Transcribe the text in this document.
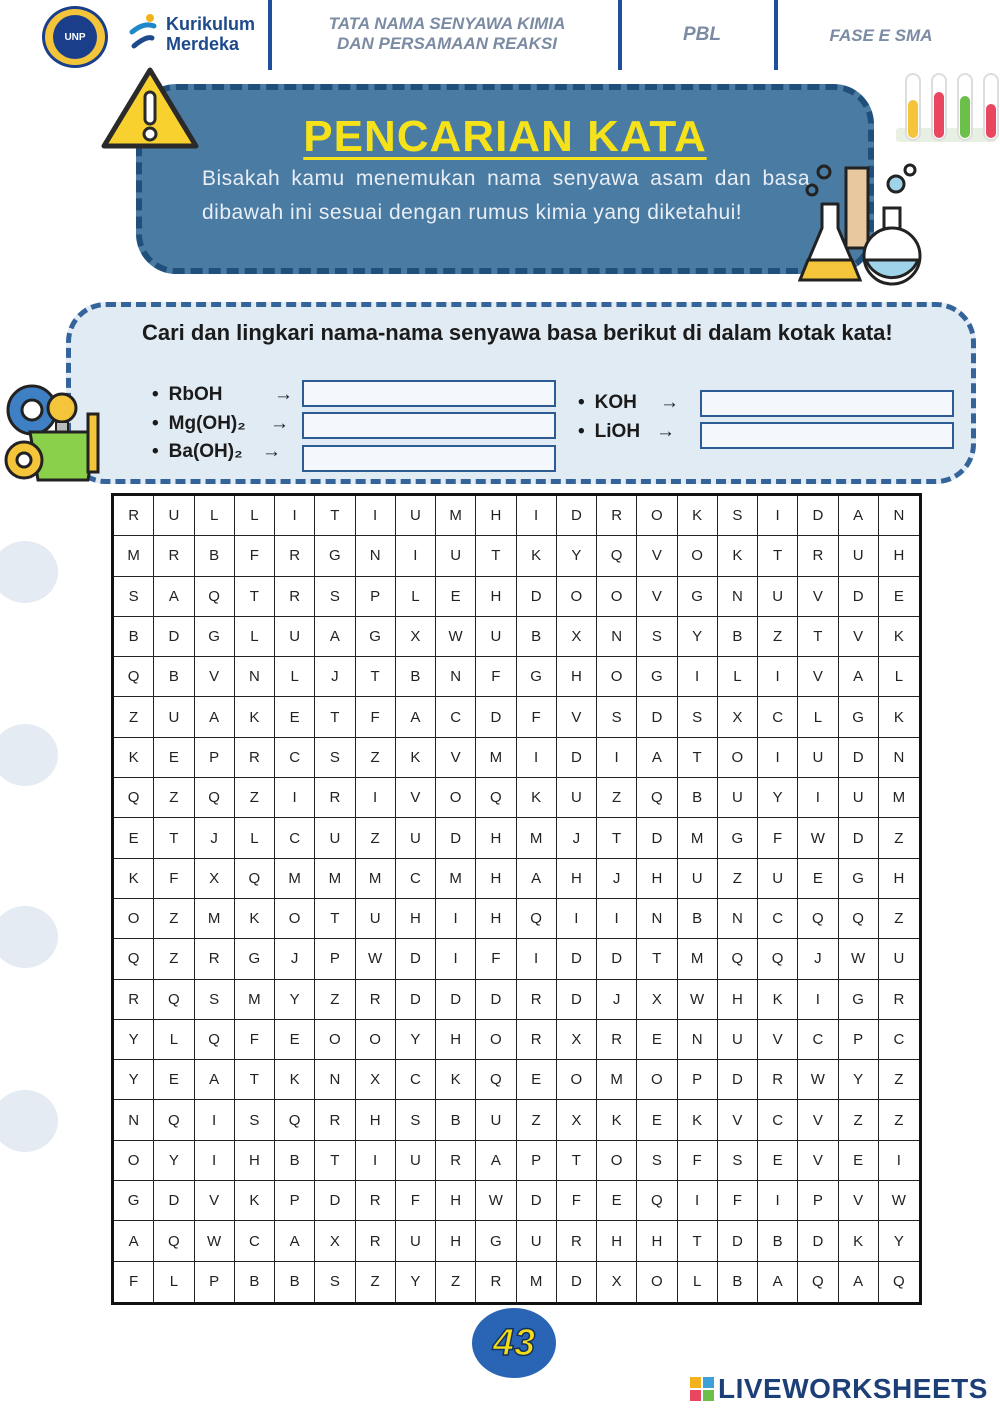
UNP
Kurikulum
Merdeka
TATA NAMA SENYAWA KIMIA
DAN PERSAMAAN REAKSI	PBL	FASE E SMA
PENCARIAN KATA
Bisakah kamu menemukan nama senyawa asam dan basa dibawah ini sesuai dengan rumus kimia yang diketahui!
Cari dan lingkari nama-nama senyawa basa berikut di dalam kotak kata!
• RbOH	→
• Mg(OH)₂ →
• Ba(OH)₂ →
• KOH →
• LiOH →
R	U	L	L	I	T	I	U	M	H	I	D	R	O	K	S	I	D	A	N
M	R	B	F	R	G	N	I	U	T	K	Y	Q	V	O	K	T	R	U	H
S	A	Q	T	R	S	P	L	E	H	D	O	O	V	G	N	U	V	D	E
B	D	G	L	U	A	G	X	W	U	B	X	N	S	Y	B	Z	T	V	K
Q	B	V	N	L	J	T	B	N	F	G	H	O	G	I	L	I	V	A	L
Z	U	A	K	E	T	F	A	C	D	F	V	S	D	S	X	C	L	G	K
K	E	P	R	C	S	Z	K	V	M	I	D	I	A	T	O	I	U	D	N
Q	Z	Q	Z	I	R	I	V	O	Q	K	U	Z	Q	B	U	Y	I	U	M
E	T	J	L	C	U	Z	U	D	H	M	J	T	D	M	G	F	W	D	Z
K	F	X	Q	M	M	M	C	M	H	A	H	J	H	U	Z	U	E	G	H
O	Z	M	K	O	T	U	H	I	H	Q	I	I	N	B	N	C	Q	Q	Z
Q	Z	R	G	J	P	W	D	I	F	I	D	D	T	M	Q	Q	J	W	U
R	Q	S	M	Y	Z	R	D	D	D	R	D	J	X	W	H	K	I	G	R
Y	L	Q	F	E	O	O	Y	H	O	R	X	R	E	N	U	V	C	P	C
Y	E	A	T	K	N	X	C	K	Q	E	O	M	O	P	D	R	W	Y	Z
N	Q	I	S	Q	R	H	S	B	U	Z	X	K	E	K	V	C	V	Z	Z
O	Y	I	H	B	T	I	U	R	A	P	T	O	S	F	S	E	V	E	I
G	D	V	K	P	D	R	F	H	W	D	F	E	Q	I	F	I	P	V	W
A	Q	W	C	A	X	R	U	H	G	U	R	H	H	T	D	B	D	K	Y
F	L	P	B	B	S	Z	Y	Z	R	M	D	X	O	L	B	A	Q	A	Q
43
LIVEWORKSHEETS
